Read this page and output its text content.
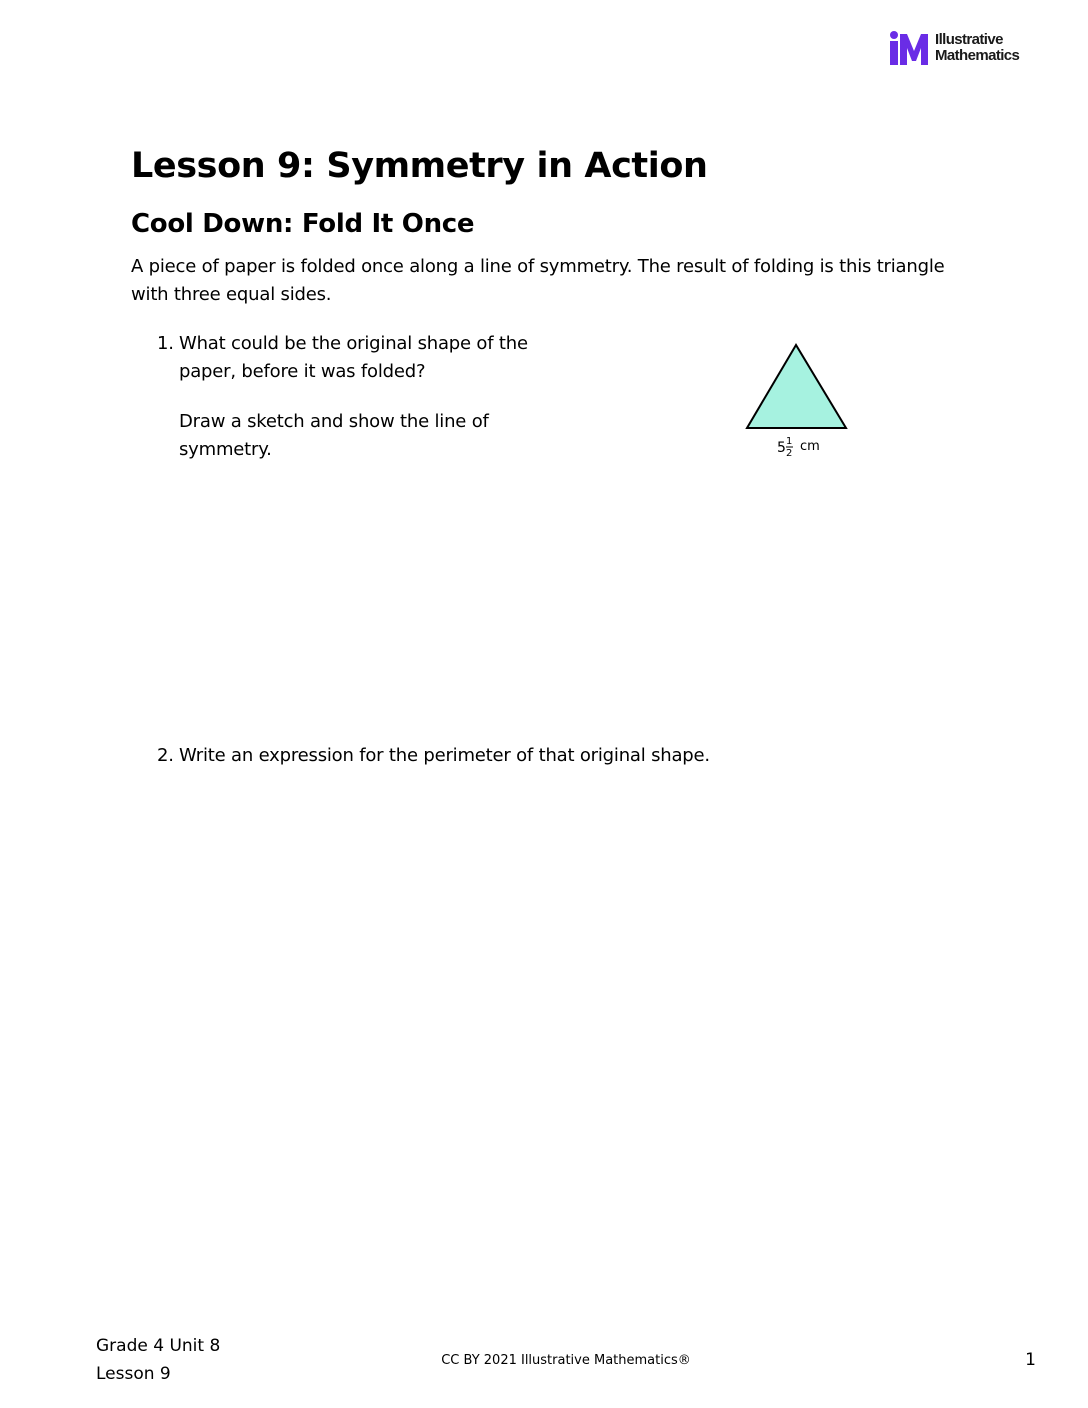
Illustrative
Mathematics
Lesson 9: Symmetry in Action
Cool Down: Fold It Once

A piece of paper is folded once along a line of symmetry. The result of folding is this triangle with three equal sides.

1. What could be the original shape of the paper, before it was folded?

Draw a sketch and show the line of symmetry.	5 1
2 cm
2. Write an expression for the perimeter of that original shape.

Grade 4 Unit 8
Lesson 9
CC BY 2021 Illustrative Mathematics®	1
